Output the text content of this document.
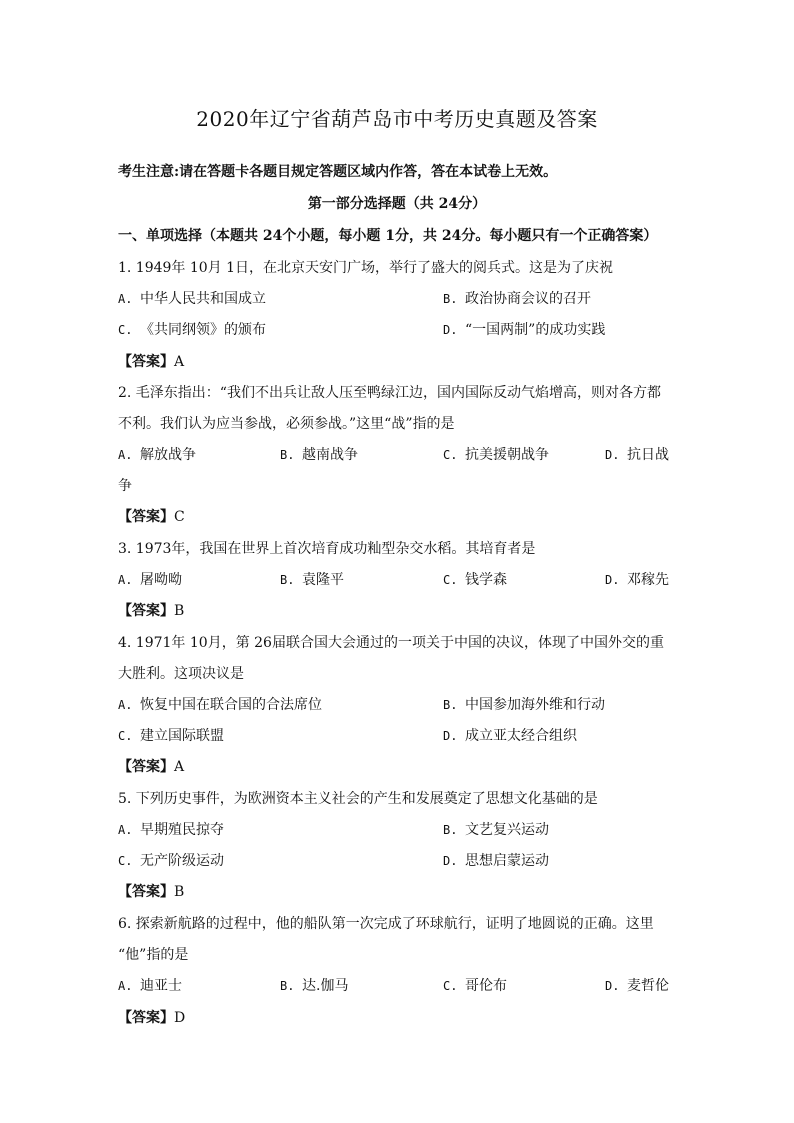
2020年辽宁省葫芦岛市中考历史真题及答案
考生注意:请在答题卡各题目规定答题区域内作答，答在本试卷上无效。
第一部分选择题（共 24分）
一、单项选择（本题共 24个小题，每小题 1分，共 24分。每小题只有一个正确答案）
1. 1949年 10月 1日，在北京天安门广场，举行了盛大的阅兵式。这是为了庆祝
A. 中华人民共和国成立	B. 政治协商会议的召开
C. 《共同纲领》的颁布	D. “一国两制”的成功实践
【答案】A
2. 毛泽东指出：“我们不出兵让敌人压至鸭绿江边，国内国际反动气焰增高，则对各方都
不利。我们认为应当参战，必须参战。”这里“战”指的是
A. 解放战争	B. 越南战争	C. 抗美援朝战争	D. 抗日战
争
【答案】C
3. 1973年，我国在世界上首次培育成功籼型杂交水稻。其培育者是
A. 屠呦呦	B. 袁隆平	C. 钱学森	D. 邓稼先
【答案】B
4. 1971年 10月，第 26届联合国大会通过的一项关于中国的决议，体现了中国外交的重
大胜利。这项决议是
A. 恢复中国在联合国的合法席位	B. 中国参加海外维和行动
C. 建立国际联盟	D. 成立亚太经合组织
【答案】A
5. 下列历史事件，为欧洲资本主义社会的产生和发展奠定了思想文化基础的是
A. 早期殖民掠夺	B. 文艺复兴运动
C. 无产阶级运动	D. 思想启蒙运动
【答案】B
6. 探索新航路的过程中，他的船队第一次完成了环球航行，证明了地圆说的正确。这里
“他”指的是
A. 迪亚士	B. 达.伽马	C. 哥伦布	D. 麦哲伦
【答案】D
